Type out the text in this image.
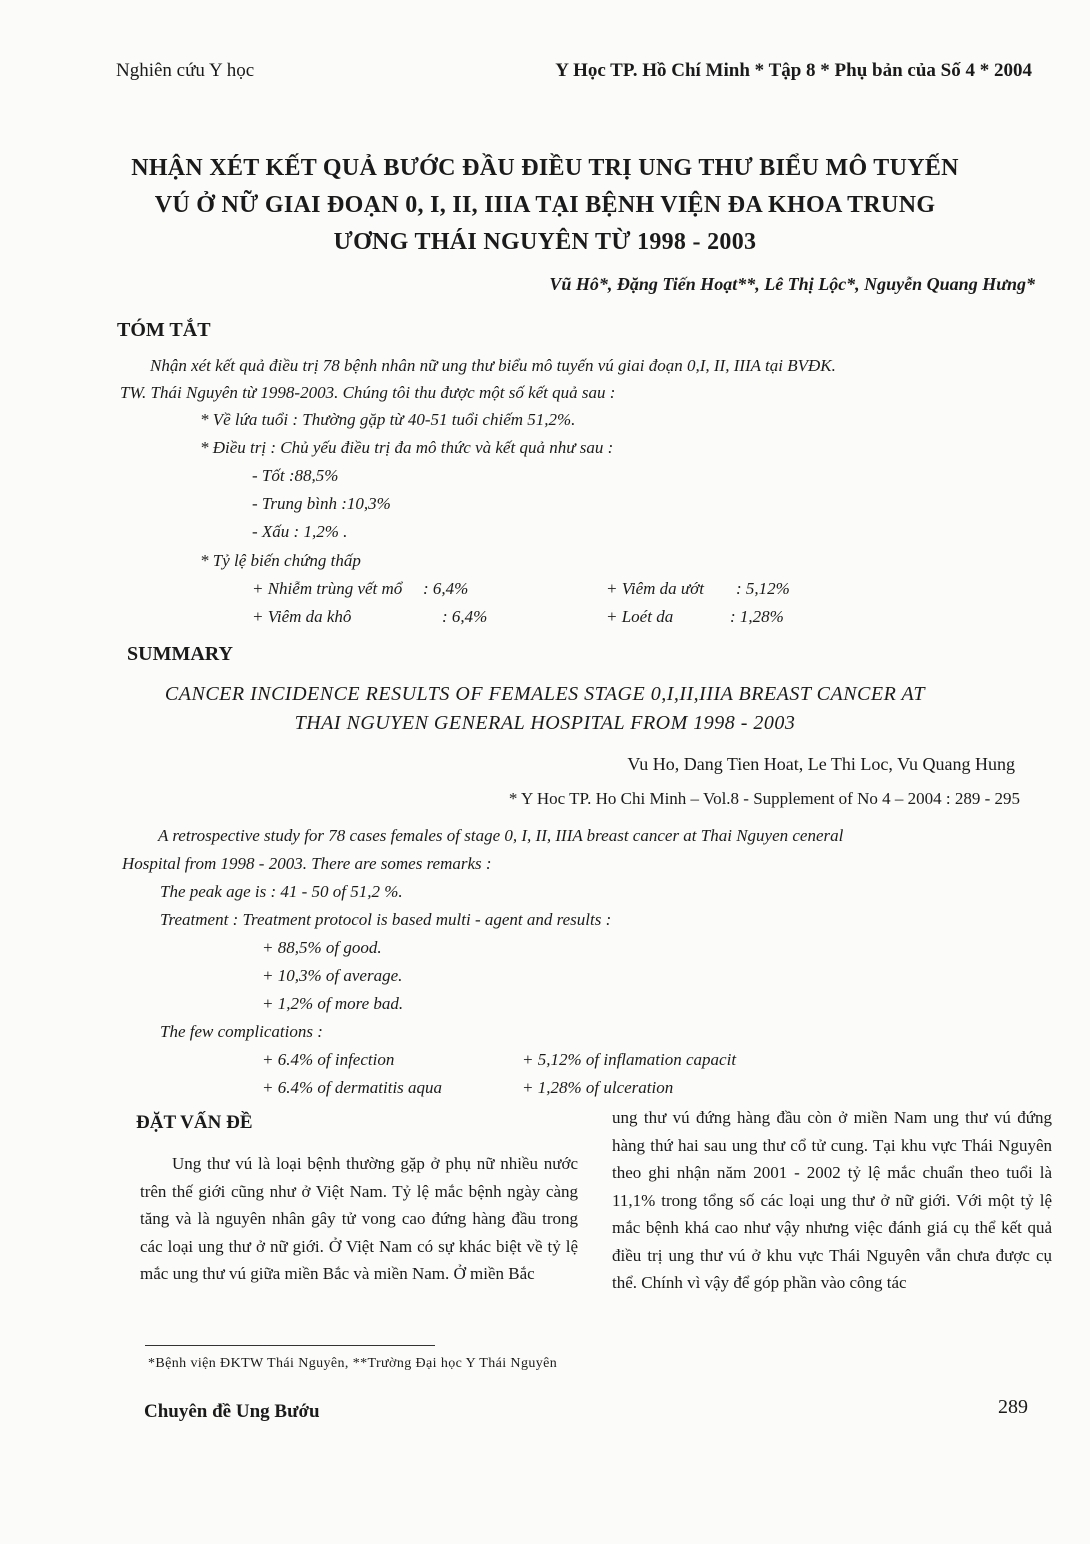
Nghiên cứu Y học	Y Học TP. Hồ Chí Minh * Tập 8 * Phụ bản của Số 4 * 2004
NHẬN XÉT KẾT QUẢ BƯỚC ĐẦU ĐIỀU TRỊ UNG THƯ BIỂU MÔ TUYẾN
VÚ Ở NỮ GIAI ĐOẠN 0, I, II, IIIA TẠI BỆNH VIỆN ĐA KHOA TRUNG
ƯƠNG THÁI NGUYÊN TỪ 1998 - 2003
Vũ Hô*, Đặng Tiến Hoạt**, Lê Thị Lộc*, Nguyễn Quang Hưng*
TÓM TẮT
Nhận xét kết quả điều trị 78 bệnh nhân nữ ung thư biểu mô tuyến vú giai đoạn 0,I, II, IIIA tại BVĐK.
TW. Thái Nguyên từ 1998-2003. Chúng tôi thu được một số kết quả sau :
* Về lứa tuổi : Thường gặp từ 40-51 tuổi chiếm 51,2%.
* Điều trị : Chủ yếu điều trị đa mô thức và kết quả như sau :
- Tốt :88,5%
- Trung bình :10,3%
- Xấu : 1,2% .
* Tỷ lệ biến chứng thấp
+ Nhiễm trùng vết mổ : 6,4%	+ Viêm da ướt : 5,12%
+ Viêm da khô	: 6,4%	+ Loét da	: 1,28%
SUMMARY
CANCER INCIDENCE RESULTS OF FEMALES STAGE 0,I,II,IIIA BREAST CANCER AT
THAI NGUYEN GENERAL HOSPITAL FROM 1998 - 2003
Vu Ho, Dang Tien Hoat, Le Thi Loc, Vu Quang Hung
* Y Hoc TP. Ho Chi Minh – Vol.8 - Supplement of No 4 – 2004 : 289 - 295
A retrospective study for 78 cases females of stage 0, I, II, IIIA breast cancer at Thai Nguyen ceneral
Hospital from 1998 - 2003. There are somes remarks :
The peak age is : 41 - 50 of 51,2 %.
Treatment : Treatment protocol is based multi - agent and results :
+ 88,5% of good.
+ 10,3% of average.
+ 1,2% of more bad.
The few complications :
+ 6.4% of infection	+ 5,12% of inflamation capacit
+ 6.4% of dermatitis aqua	+ 1,28% of ulceration
ĐẶT VẤN ĐỀ

Ung thư vú là loại bệnh thường gặp ở phụ nữ nhiều nước trên thế giới cũng như ở Việt Nam. Tỷ lệ mắc bệnh ngày càng tăng và là nguyên nhân gây tử vong cao đứng hàng đầu trong các loại ung thư ở nữ giới. Ở Việt Nam có sự khác biệt về tỷ lệ mắc ung thư vú giữa miền Bắc và miền Nam. Ở miền Bắc

ung thư vú đứng hàng đầu còn ở miền Nam ung thư vú đứng hàng thứ hai sau ung thư cổ tử cung. Tại khu vực Thái Nguyên theo ghi nhận năm 2001 - 2002 tỷ lệ mắc chuẩn theo tuổi là 11,1% trong tổng số các loại ung thư ở nữ giới. Với một tỷ lệ mắc bệnh khá cao như vậy nhưng việc đánh giá cụ thể kết quả điều trị ung thư vú ở khu vực Thái Nguyên vẫn chưa được cụ thể. Chính vì vậy để góp phần vào công tác

*Bệnh viện ĐKTW Thái Nguyên, **Trường Đại học Y Thái Nguyên
Chuyên đề Ung Bướu	289
